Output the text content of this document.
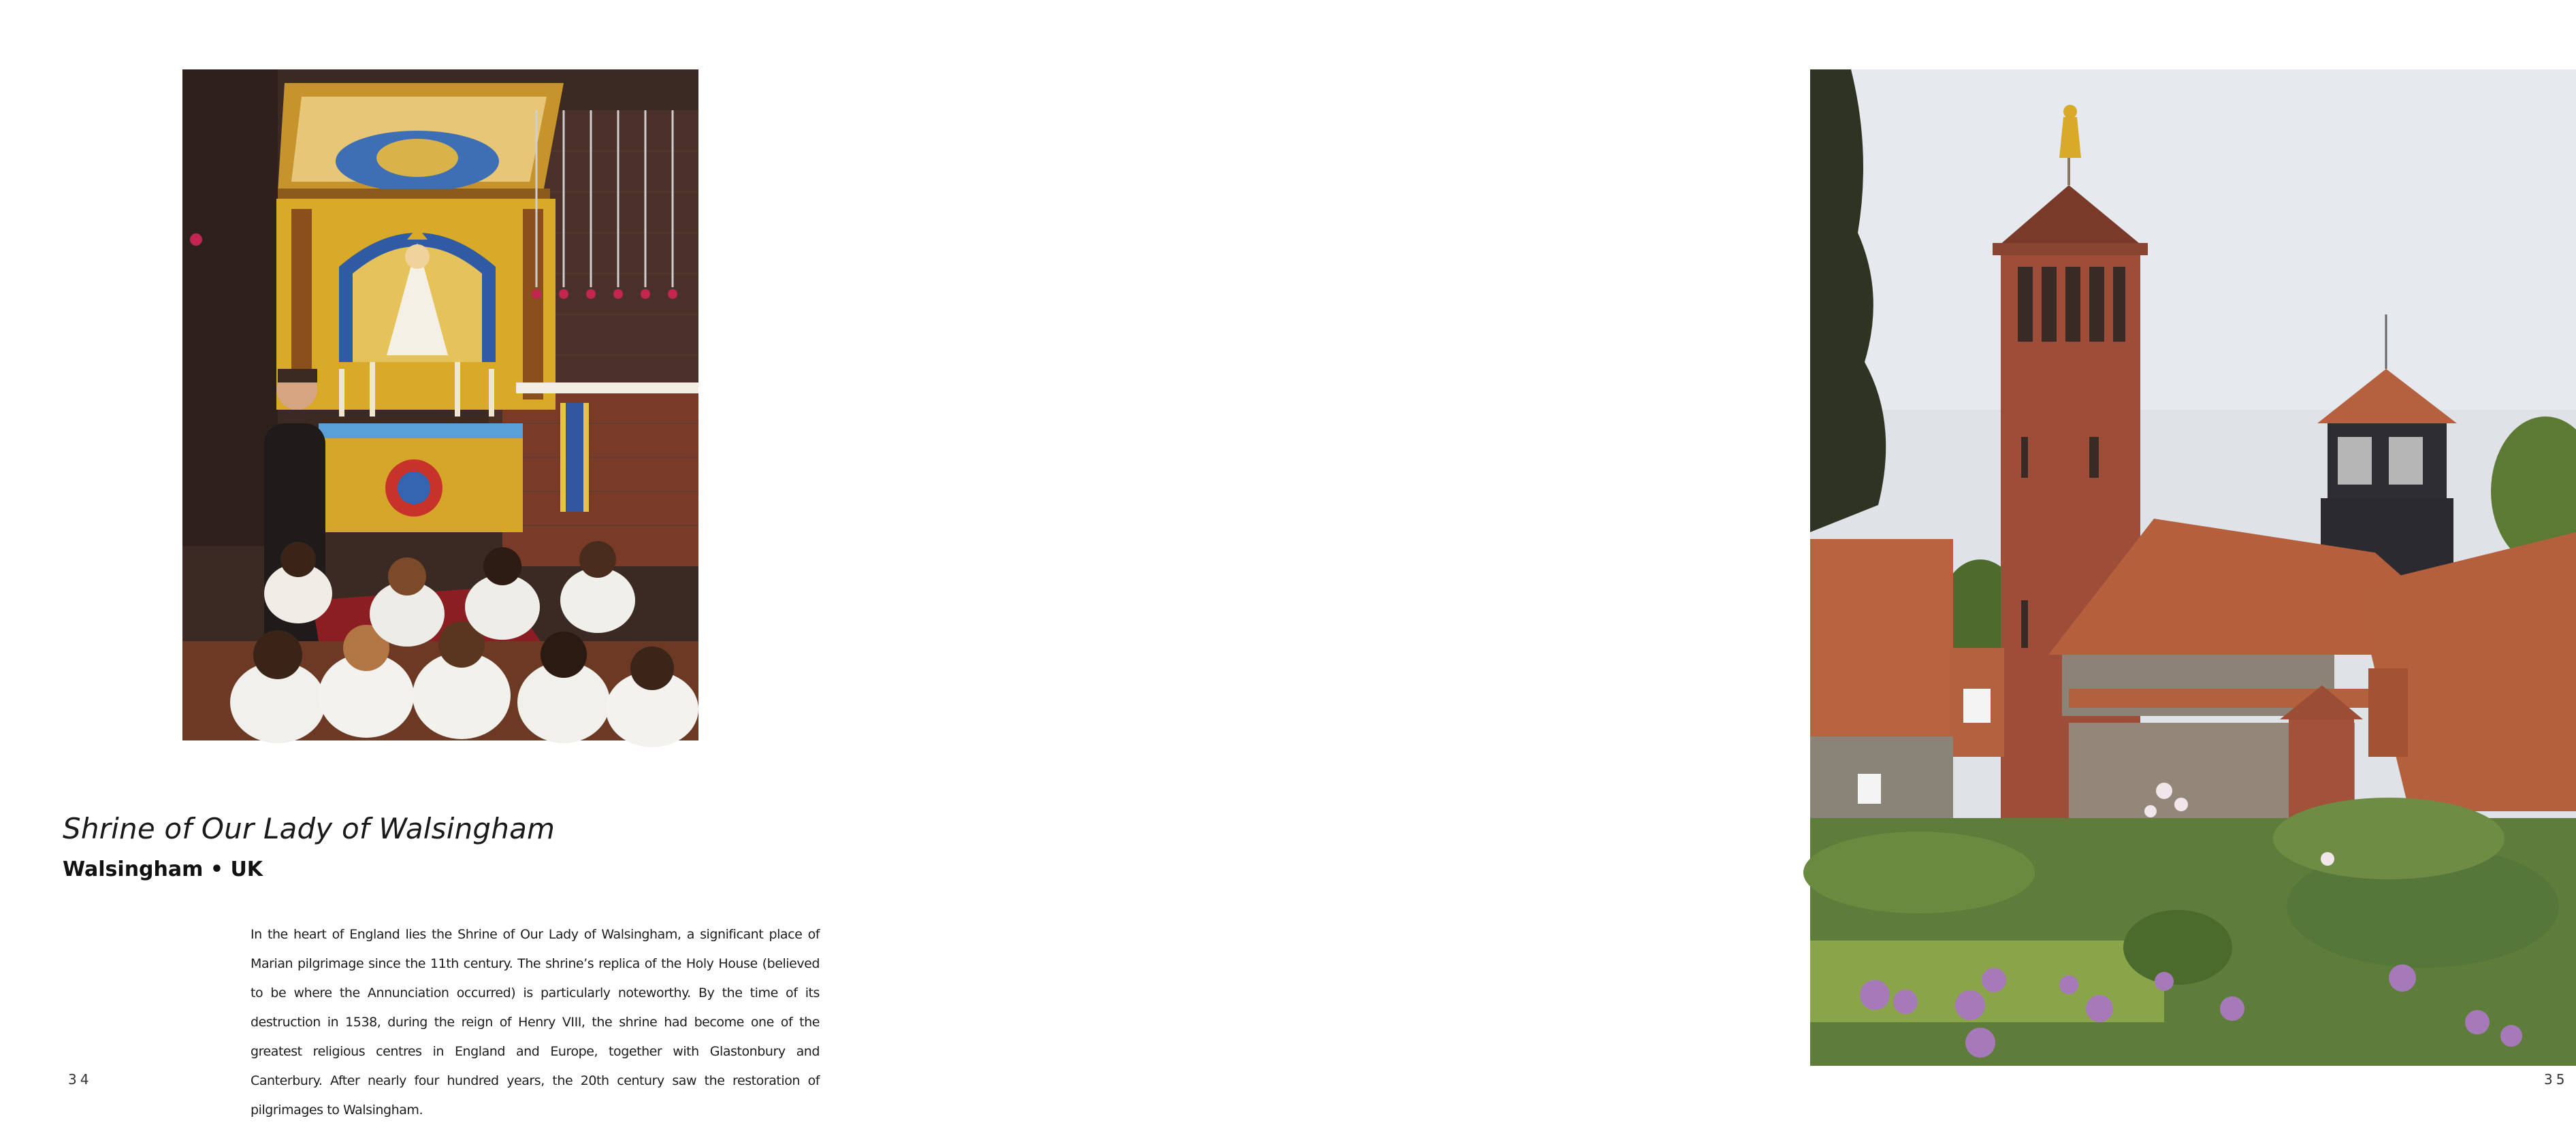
Shrine of Our Lady of Walsingham
Walsingham • UK

In the heart of England lies the Shrine of Our Lady of Walsingham, a significant place of Marian pilgrimage since the 11th century. The shrine’s replica of the Holy House (believed to be where the Annunciation occurred) is particularly noteworthy. By the time of its destruction in 1538, during the reign of Henry VIII, the shrine had become one of the greatest religious centres in England and Europe, together with Glastonbury and Canterbury. After nearly four hundred years, the 20th century saw the restoration of pilgrimages to Walsingham.

34	35
